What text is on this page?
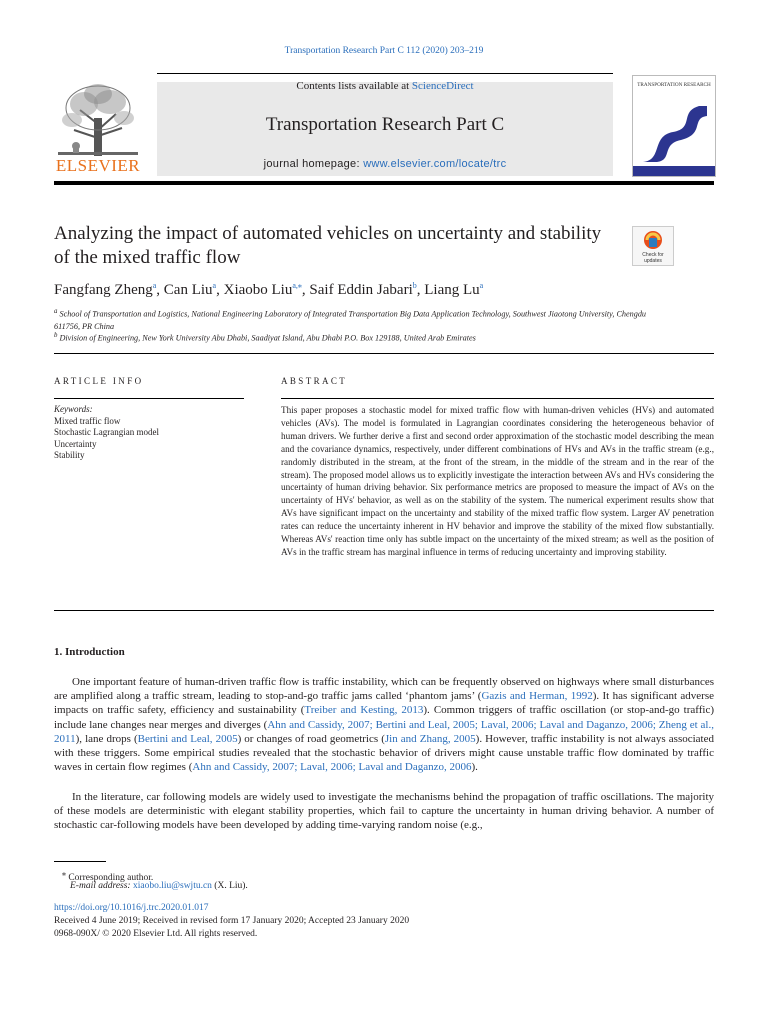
Transportation Research Part C 112 (2020) 203–219
ELSEVIER
Contents lists available at ScienceDirect
Transportation Research Part C
journal homepage: www.elsevier.com/locate/trc
TRANSPORTATION RESEARCH
Analyzing the impact of automated vehicles on uncertainty and stability of the mixed traffic flow	Check for
updates
Fangfang Zheng$^a$, Can Liu$^a$, Xiaobo Liu$^{a,⁎}$, Saif Eddin Jabari$^b$, Liang Lu$^a$
$^a$ School of Transportation and Logistics, National Engineering Laboratory of Integrated Transportation Big Data Application Technology, Southwest Jiaotong University, Chengdu 611756, PR China
$^b$ Division of Engineering, New York University Abu Dhabi, Saadiyat Island, Abu Dhabi P.O. Box 129188, United Arab Emirates
ARTICLE INFO
Keywords:
Mixed traffic flow
Stochastic Lagrangian model
Uncertainty
Stability
ABSTRACT
This paper proposes a stochastic model for mixed traffic flow with human-driven vehicles (HVs) and automated vehicles (AVs). The model is formulated in Lagrangian coordinates considering the heterogeneous behavior of human drivers. We further derive a first and second order approximation of the stochastic model describing the mean and the covariance dynamics, respectively, under different combinations of HVs and AVs in the traffic stream (e.g., randomly distributed in the stream, at the front of the stream, in the middle of the stream and in the rear of the stream). The proposed model allows us to explicitly investigate the interaction between AVs and HVs considering the uncertainty of human driving behavior. Six performance metrics are proposed to measure the impact of AVs on the uncertainty of HVs' behavior, as well as on the stability of the system. The numerical experiment results show that AVs have significant impact on the uncertainty and stability of the mixed traffic flow system. Larger AV penetration rates can reduce the uncertainty inherent in HV behavior and improve the stability of the mixed flow substantially. Whereas AVs' reaction time only has subtle impact on the uncertainty of the mixed stream; as well as the position of AVs in the traffic stream has marginal influence in terms of reducing uncertainty and improving stability.
1. Introduction
One important feature of human-driven traffic flow is traffic instability, which can be frequently observed on highways where small disturbances are amplified along a traffic stream, leading to stop-and-go traffic jams called ‘phantom jams’ (Gazis and Herman, 1992). It has significant adverse impacts on traffic safety, efficiency and sustainability (Treiber and Kesting, 2013). Common triggers of traffic oscillation (or stop-and-go traffic) include lane changes near merges and diverges (Ahn and Cassidy, 2007; Bertini and Leal, 2005; Laval, 2006; Laval and Daganzo, 2006; Zheng et al., 2011), lane drops (Bertini and Leal, 2005) or changes of road geometrics (Jin and Zhang, 2005). However, traffic instability is not always associated with these triggers. Some empirical studies revealed that the stochastic behavior of drivers might cause unstable traffic flow dominated by traffic waves in certain flow regimes (Ahn and Cassidy, 2007; Laval, 2006; Laval and Daganzo, 2006).
In the literature, car following models are widely used to investigate the mechanisms behind the propagation of traffic oscillations. The majority of these models are deterministic with elegant stability properties, which fail to capture the uncertainty in human driving behavior. A number of stochastic car-following models have been developed by adding time-varying random noise (e.g.,
⁎ Corresponding author.
E-mail address: xiaobo.liu@swjtu.cn (X. Liu).
https://doi.org/10.1016/j.trc.2020.01.017
Received 4 June 2019; Received in revised form 17 January 2020; Accepted 23 January 2020
0968-090X/ © 2020 Elsevier Ltd. All rights reserved.
